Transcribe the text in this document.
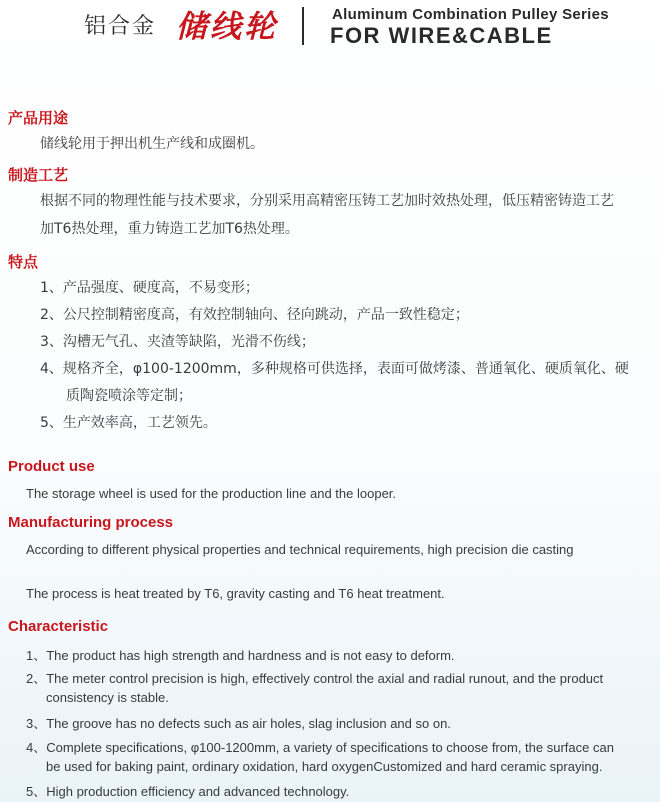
铝合金 储线轮	Aluminum Combination Pulley Series
FOR WIRE&CABLE
产品用途
储线轮用于押出机生产线和成圈机。
制造工艺
根据不同的物理性能与技术要求，分别采用高精密压铸工艺加时效热处理，低压精密铸造工艺
加T6热处理，重力铸造工艺加T6热处理。
特点
1、产品强度、硬度高，不易变形；
2、公尺控制精密度高，有效控制轴向、径向跳动，产品一致性稳定；
3、沟槽无气孔、夹渣等缺陷，光滑不伤线；
4、规格齐全，φ100-1200mm，多种规格可供选择，表面可做烤漆、普通氧化、硬质氧化、硬
质陶瓷喷涂等定制；
5、生产效率高，工艺领先。
Product use
The storage wheel is used for the production line and the looper.
Manufacturing process
According to different physical properties and technical requirements, high precision die casting
The process is heat treated by T6, gravity casting and T6 heat treatment.
Characteristic
1、The product has high strength and hardness and is not easy to deform.
2、The meter control precision is high, effectively control the axial and radial runout, and the product
consistency is stable.
3、The groove has no defects such as air holes, slag inclusion and so on.
4、Complete specifications, φ100-1200mm, a variety of specifications to choose from, the surface can
be used for baking paint, ordinary oxidation, hard oxygenCustomized and hard ceramic spraying.
5、High production efficiency and advanced technology.
